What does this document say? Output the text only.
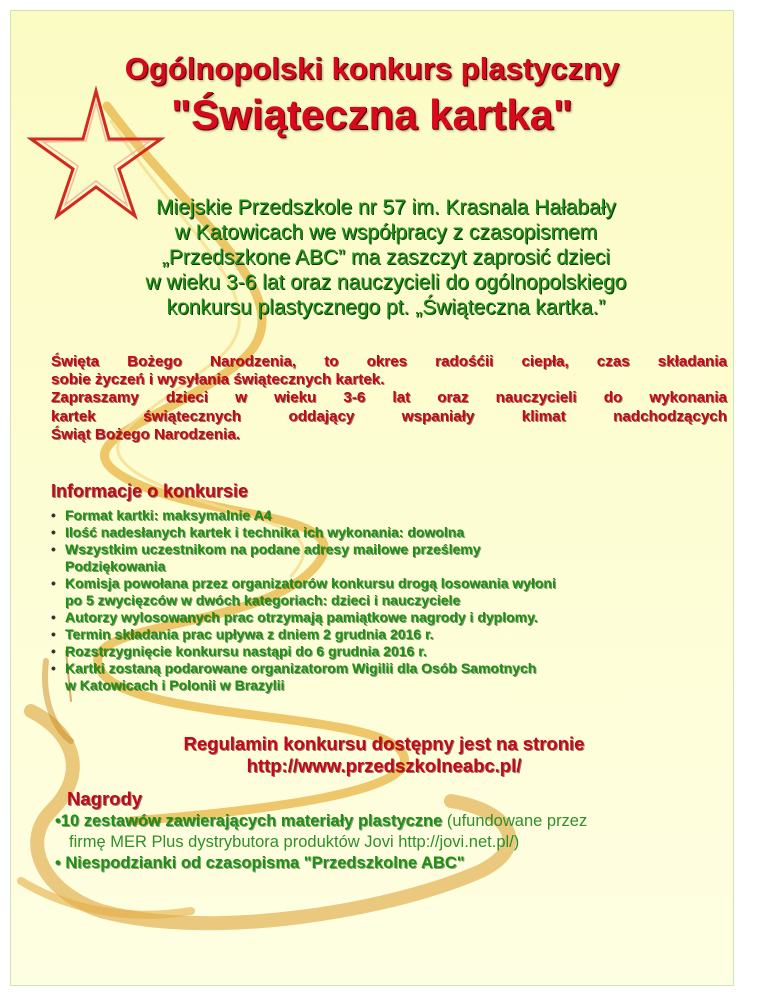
Ogólnopolski konkurs plastyczny
"Świąteczna kartka"
Miejskie Przedszkole nr 57 im. Krasnala Hałabały
w Katowicach we współpracy z czasopismem
„Przedszkone ABC” ma zaszczyt zaprosić dzieci
w wieku 3-6 lat oraz nauczycieli do ogólnopolskiego
konkursu plastycznego pt. „Świąteczna kartka.”
Święta Bożego Narodzenia, to okres radośćii ciepła, czas składania
sobie życzeń i wysyłania świątecznych kartek.
Zapraszamy dzieci w wieku 3-6 lat oraz nauczycieli do wykonania
kartek świątecznych oddający wspaniały klimat nadchodzących
Świąt Bożego Narodzenia.
Informacje o konkursie
• Format kartki: maksymalnie A4
• Ilość nadesłanych kartek i technika ich wykonania: dowolna
• Wszystkim uczestnikom na podane adresy mailowe prześlemy
Podziękowania
• Komisja powołana przez organizatorów konkursu drogą losowania wyłoni
po 5 zwycięzców w dwóch kategoriach: dzieci i nauczyciele
• Autorzy wylosowanych prac otrzymają pamiątkowe nagrody i dyplomy.
• Termin składania prac upływa z dniem 2 grudnia 2016 r.
• Rozstrzygnięcie konkursu nastąpi do 6 grudnia 2016 r.
• Kartki zostaną podarowane organizatorom Wigilii dla Osób Samotnych
w Katowicach i Polonii w Brazylii
Nagrody
•10 zestawów zawierających materiały plastyczne (ufundowane przez
firmę MER Plus dystrybutora produktów Jovi http://jovi.net.pl/)
• Niespodzianki od czasopisma "Przedszkolne ABC"
Regulamin konkursu dostępny jest na stronie
http://www.przedszkolneabc.pl/
